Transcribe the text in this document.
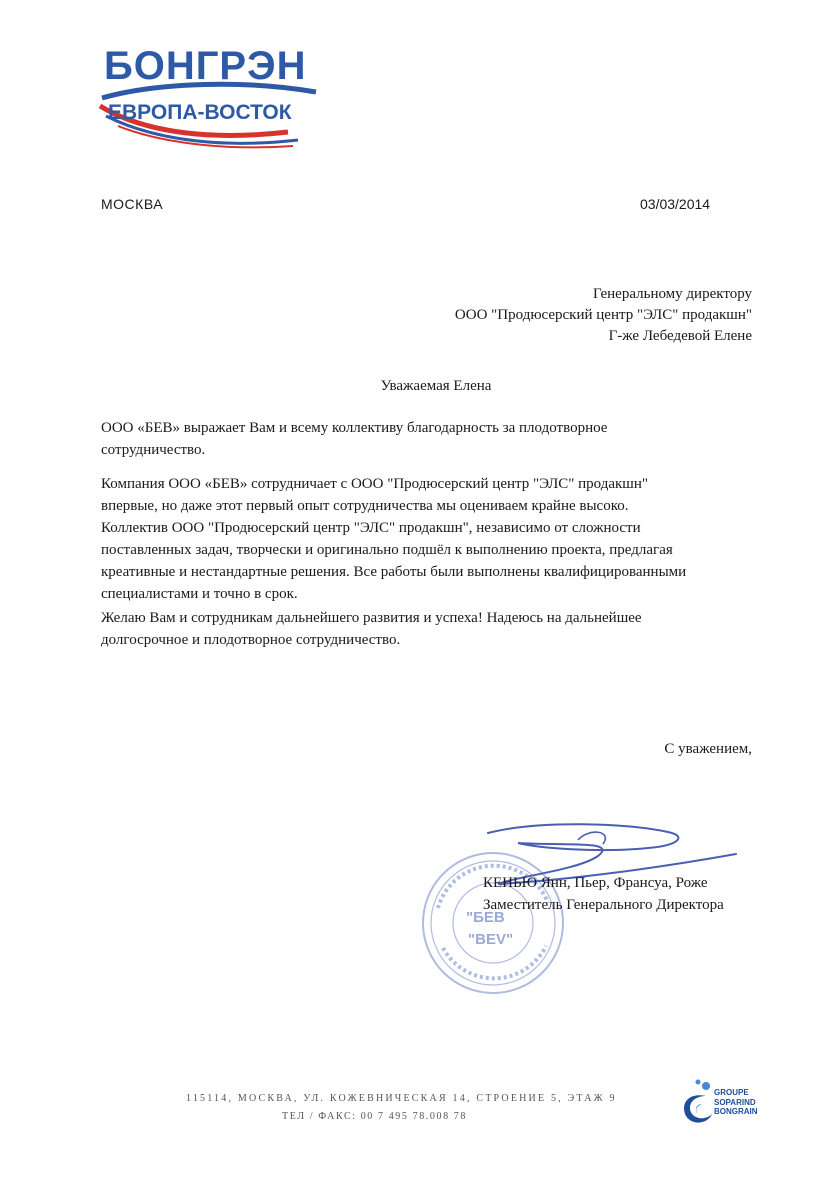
БОНГРЭН
ЕВРОПА-ВОСТОК
МОСКВА	03/03/2014
Генеральному директору
ООО "Продюсерский центр "ЭЛС" продакшн"
Г-же Лебедевой Елене
Уважаемая Елена
ООО «БЕВ» выражает Вам и всему коллективу благодарность за плодотворное
сотрудничество.
Компания ООО «БЕВ» сотрудничает с ООО "Продюсерский центр "ЭЛС" продакшн"
впервые, но даже этот первый опыт сотрудничества мы оцениваем крайне высоко.
Коллектив ООО "Продюсерский центр "ЭЛС" продакшн", независимо от сложности
поставленных задач, творчески и оригинально подшёл к выполнению проекта, предлагая
креативные и нестандартные решения. Все работы были выполнены квалифицированными
специалистами и точно в срок.
Желаю Вам и сотрудникам дальнейшего развития и успеха! Надеюсь на дальнейшее
долгосрочное и плодотворное сотрудничество.
С уважением,
"БЕВ
"BEV"
КЕНЬЮ Янн, Пьер, Франсуа, Роже
Заместитель Генерального Директора
115114, МОСКВА, УЛ. КОЖЕВНИЧЕСКАЯ 14, СТРОЕНИЕ 5, ЭТАЖ 9
ТЕЛ / ФАКС: 00 7 495 78.008 78
GROUPE
SOPARIND
BONGRAIN
